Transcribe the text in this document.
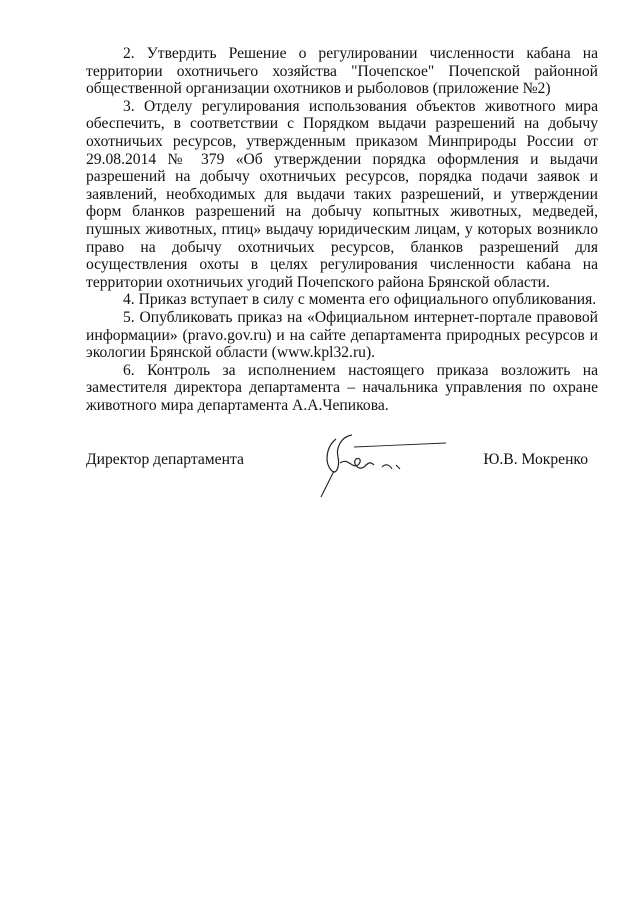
2. Утвердить Решение о регулировании численности кабана на территории охотничьего хозяйства "Почепское" Почепской районной общественной организации охотников и рыболовов (приложение №2)

3. Отделу регулирования использования объектов животного мира обеспечить, в соответствии с Порядком выдачи разрешений на добычу охотничьих ресурсов, утвержденным приказом Минприроды России от 29.08.2014 № 379 «Об утверждении порядка оформления и выдачи разрешений на добычу охотничьих ресурсов, порядка подачи заявок и заявлений, необходимых для выдачи таких разрешений, и утверждении форм бланков разрешений на добычу копытных животных, медведей, пушных животных, птиц» выдачу юридическим лицам, у которых возникло право на добычу охотничьих ресурсов, бланков разрешений для осуществления охоты в целях регулирования численности кабана на территории охотничьих угодий Почепского района Брянской области.

4. Приказ вступает в силу с момента его официального опубликования.

5. Опубликовать приказ на «Официальном интернет-портале правовой информации» (pravo.gov.ru) и на сайте департамента природных ресурсов и экологии Брянской области (www.kpl32.ru).

6. Контроль за исполнением настоящего приказа возложить на заместителя директора департамента – начальника управления по охране животного мира департамента А.А.Чепикова.

Директор департамента	Ю.В. Мокренко
